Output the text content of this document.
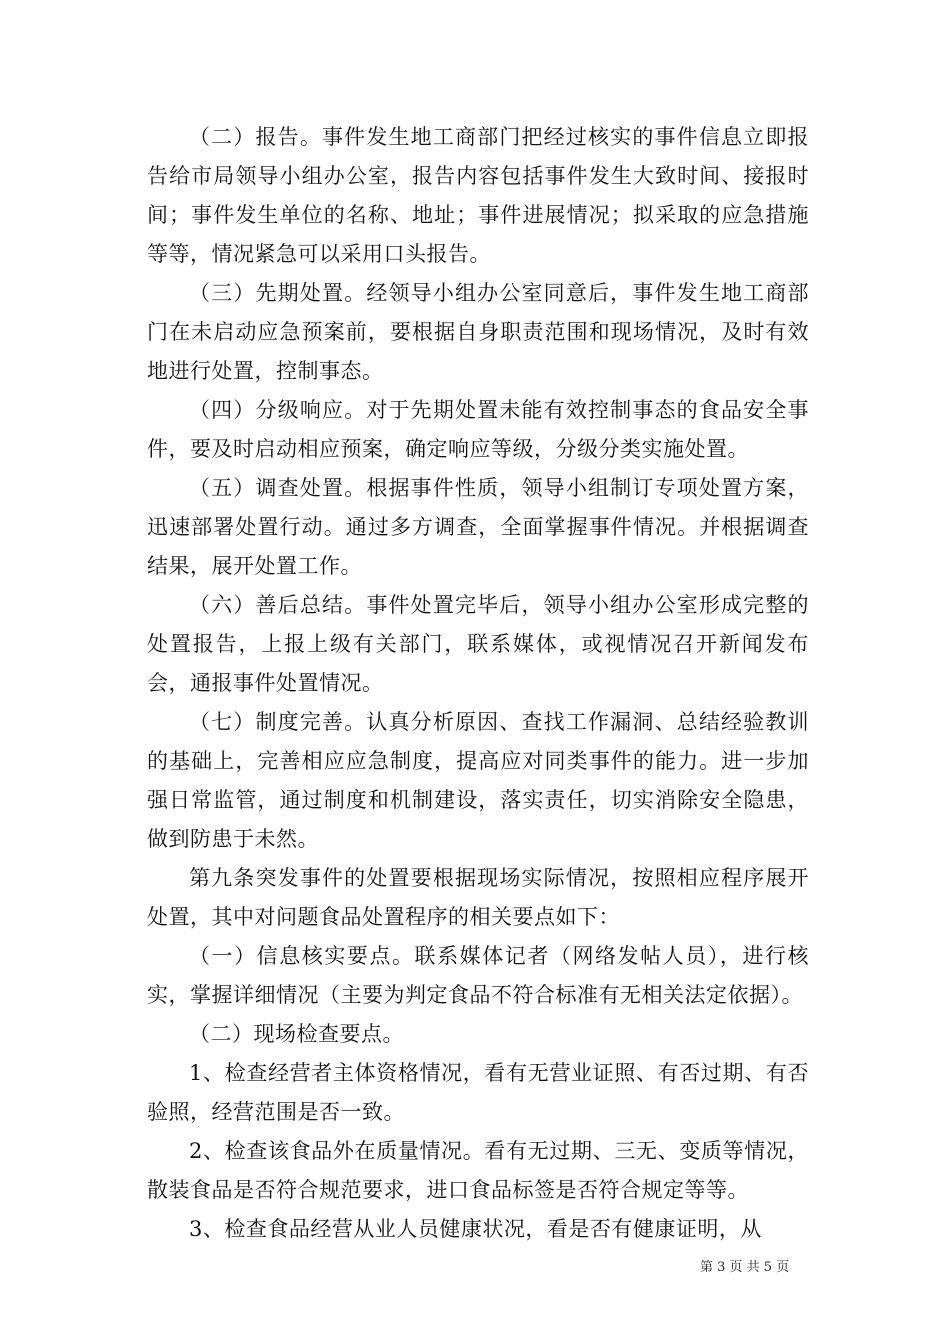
（二）报告。事件发生地工商部门把经过核实的事件信息立即报告给市局领导小组办公室，报告内容包括事件发生大致时间、接报时间；事件发生单位的名称、地址；事件进展情况；拟采取的应急措施等等，情况紧急可以采用口头报告。

（三）先期处置。经领导小组办公室同意后，事件发生地工商部门在未启动应急预案前，要根据自身职责范围和现场情况，及时有效地进行处置，控制事态。

（四）分级响应。对于先期处置未能有效控制事态的食品安全事件，要及时启动相应预案，确定响应等级，分级分类实施处置。

（五）调查处置。根据事件性质，领导小组制订专项处置方案，迅速部署处置行动。通过多方调查，全面掌握事件情况。并根据调查结果，展开处置工作。

（六）善后总结。事件处置完毕后，领导小组办公室形成完整的处置报告，上报上级有关部门，联系媒体，或视情况召开新闻发布会，通报事件处置情况。

（七）制度完善。认真分析原因、查找工作漏洞、总结经验教训的基础上，完善相应应急制度，提高应对同类事件的能力。进一步加强日常监管，通过制度和机制建设，落实责任，切实消除安全隐患，做到防患于未然。

第九条突发事件的处置要根据现场实际情况，按照相应程序展开处置，其中对问题食品处置程序的相关要点如下：

（一）信息核实要点。联系媒体记者（网络发帖人员），进行核实，掌握详细情况（主要为判定食品不符合标准有无相关法定依据）。

（二）现场检查要点。

1、检查经营者主体资格情况，看有无营业证照、有否过期、有否验照，经营范围是否一致。

2、检查该食品外在质量情况。看有无过期、三无、变质等情况，散装食品是否符合规范要求，进口食品标签是否符合规定等等。

3、检查食品经营从业人员健康状况，看是否有健康证明，从

第 3 页 共 5 页
